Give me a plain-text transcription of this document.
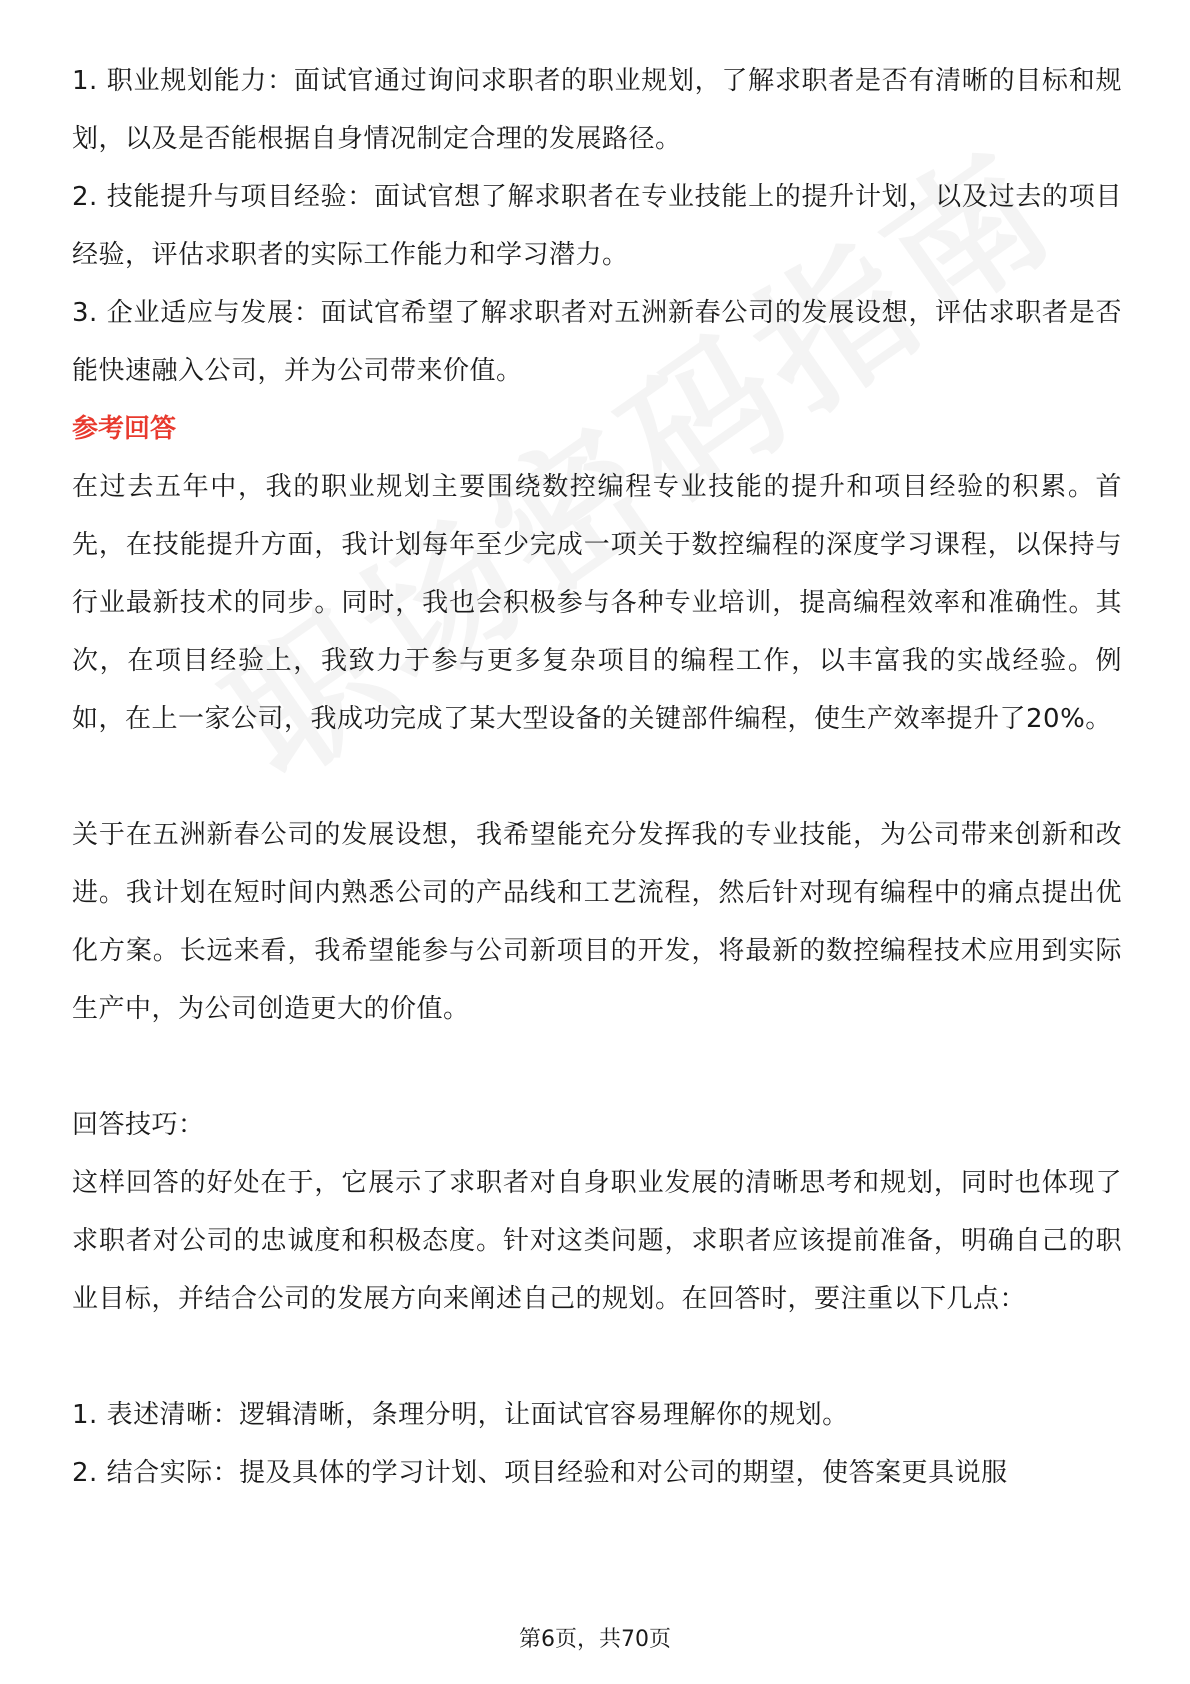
1. 职业规划能力：面试官通过询问求职者的职业规划，了解求职者是否有清晰的目标和规划，以及是否能根据自身情况制定合理的发展路径。

2. 技能提升与项目经验：面试官想了解求职者在专业技能上的提升计划，以及过去的项目经验，评估求职者的实际工作能力和学习潜力。

3. 企业适应与发展：面试官希望了解求职者对五洲新春公司的发展设想，评估求职者是否能快速融入公司，并为公司带来价值。

参考回答

在过去五年中，我的职业规划主要围绕数控编程专业技能的提升和项目经验的积累。首先，在技能提升方面，我计划每年至少完成一项关于数控编程的深度学习课程，以保持与行业最新技术的同步。同时，我也会积极参与各种专业培训，提高编程效率和准确性。其次，在项目经验上，我致力于参与更多复杂项目的编程工作，以丰富我的实战经验。例如，在上一家公司，我成功完成了某大型设备的关键部件编程，使生产效率提升了20%。

关于在五洲新春公司的发展设想，我希望能充分发挥我的专业技能，为公司带来创新和改进。我计划在短时间内熟悉公司的产品线和工艺流程，然后针对现有编程中的痛点提出优化方案。长远来看，我希望能参与公司新项目的开发，将最新的数控编程技术应用到实际生产中，为公司创造更大的价值。

回答技巧：

这样回答的好处在于，它展示了求职者对自身职业发展的清晰思考和规划，同时也体现了求职者对公司的忠诚度和积极态度。针对这类问题，求职者应该提前准备，明确自己的职业目标，并结合公司的发展方向来阐述自己的规划。在回答时，要注重以下几点：

1. 表述清晰：逻辑清晰，条理分明，让面试官容易理解你的规划。

2. 结合实际：提及具体的学习计划、项目经验和对公司的期望，使答案更具说服

第6页，共70页
